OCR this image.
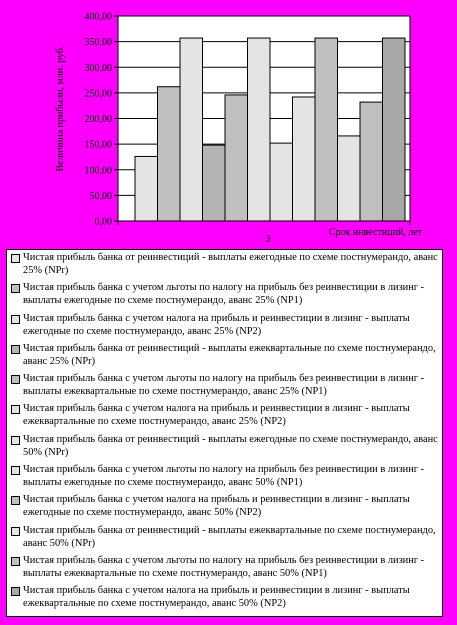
0,00
50,00
100,00
150,00
200,00
250,00
300,00
350,00
400,00
3
Срок инвестиций, лет
Величина прибыли, млн. руб.
Чистая прибыль банка от реинвестиций - выплаты ежегодные по схеме постнумерандо, аванс 25% (NPr)
Чистая прибыль банка с учетом льготы по налогу на прибыль без реинвестиции в лизинг - выплаты ежегодные по схеме постнумерандо, аванс 25% (NP1)
Чистая прибыль банка с учетом налога на прибыль и реинвестиции в лизинг - выплаты ежегодные по схеме постнумерандо, аванс 25% (NP2)
Чистая прибыль банка от реинвестиций - выплаты ежеквартальные по схеме постнумерандо, аванс 25% (NPr)
Чистая прибыль банка с учетом льготы по налогу на прибыль без реинвестиции в лизинг - выплаты ежеквартальные по схеме постнумерандо, аванс 25% (NP1)
Чистая прибыль банка с учетом налога на прибыль и реинвестиции в лизинг - выплаты ежеквартальные по схеме постнумерандо, аванс 25% (NP2)
Чистая прибыль банка от реинвестиций - выплаты ежегодные по схеме постнумерандо, аванс 50% (NPr)
Чистая прибыль банка с учетом льготы по налогу на прибыль без реинвестиции в лизинг - выплаты ежегодные по схеме постнумерандо, аванс 50% (NP1)
Чистая прибыль банка с учетом налога на прибыль и реинвестиции в лизинг - выплаты ежегодные по схеме постнумерандо, аванс 50% (NP2)
Чистая прибыль банка от реинвестиций - выплаты ежеквартальные по схеме постнумерандо, аванс 50% (NPr)
Чистая прибыль банка с учетом льготы по налогу на прибыль без реинвестиции в лизинг - выплаты ежеквартальные по схеме постнумерандо, аванс 50% (NP1)
Чистая прибыль банка с учетом налога на прибыль и реинвестиции в лизинг - выплаты ежеквартальные по схеме постнумерандо, аванс 50% (NP2)
